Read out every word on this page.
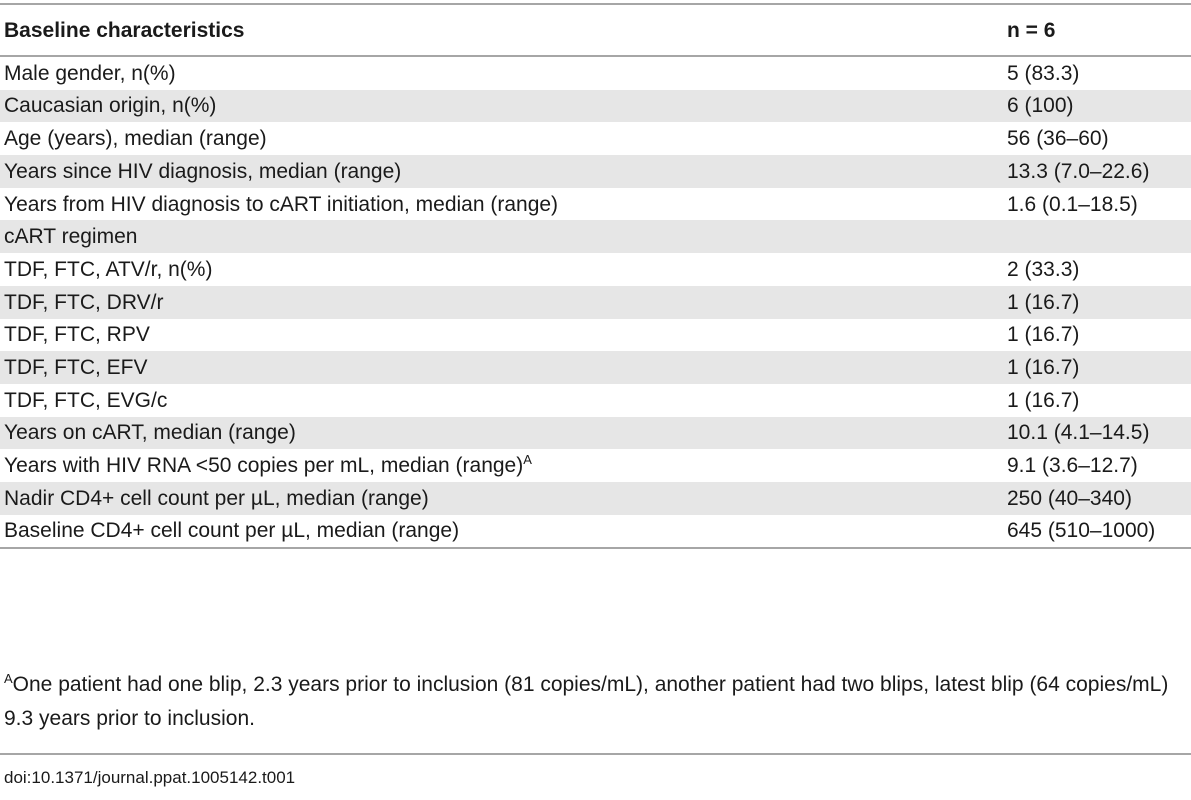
Baseline characteristics	n = 6
Male gender, n(%)	5 (83.3)
Caucasian origin, n(%)	6 (100)
Age (years), median (range)	56 (36–60)
Years since HIV diagnosis, median (range)	13.3 (7.0–22.6)
Years from HIV diagnosis to cART initiation, median (range)	1.6 (0.1–18.5)
cART regimen	
TDF, FTC, ATV/r, n(%)	2 (33.3)
TDF, FTC, DRV/r	1 (16.7)
TDF, FTC, RPV	1 (16.7)
TDF, FTC, EFV	1 (16.7)
TDF, FTC, EVG/c	1 (16.7)
Years on cART, median (range)	10.1 (4.1–14.5)
Years with HIV RNA <50 copies per mL, median (range)$^A$	9.1 (3.6–12.7)
Nadir CD4+ cell count per µL, median (range)	250 (40–340)
Baseline CD4+ cell count per µL, median (range)	645 (510–1000)
$^A$One patient had one blip, 2.3 years prior to inclusion (81 copies/mL), another patient had two blips, latest blip (64 copies/mL) 9.3 years prior to inclusion.
doi:10.1371/journal.ppat.1005142.t001
